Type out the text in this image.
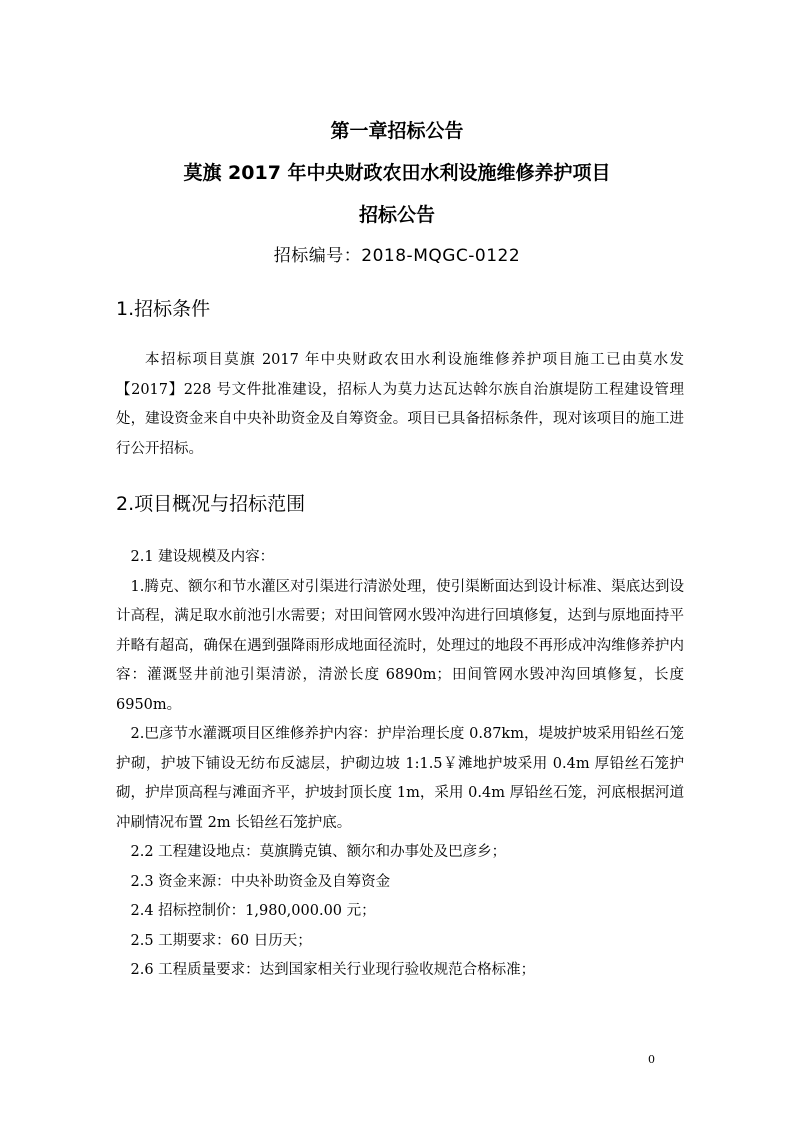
第一章招标公告
莫旗 2017 年中央财政农田水利设施维修养护项目
招标公告
招标编号：2018-MQGC-0122
1.招标条件
本招标项目莫旗 2017 年中央财政农田水利设施维修养护项目施工已由莫水发【2017】228 号文件批准建设，招标人为莫力达瓦达斡尔族自治旗堤防工程建设管理处，建设资金来自中央补助资金及自筹资金。项目已具备招标条件，现对该项目的施工进行公开招标。
2.项目概况与招标范围
2.1 建设规模及内容：
1.腾克、额尔和节水灌区对引渠进行清淤处理，使引渠断面达到设计标准、渠底达到设计高程，满足取水前池引水需要；对田间管网水毁冲沟进行回填修复，达到与原地面持平并略有超高，确保在遇到强降雨形成地面径流时，处理过的地段不再形成冲沟维修养护内容：灌溉竖井前池引渠清淤，清淤长度 6890m；田间管网水毁冲沟回填修复，长度 6950m。
2.巴彦节水灌溉项目区维修养护内容：护岸治理长度 0.87km，堤坡护坡采用铅丝石笼护砌，护坡下铺设无纺布反滤层，护砌边坡 1:1.5￥滩地护坡采用 0.4m 厚铅丝石笼护砌，护岸顶高程与滩面齐平，护坡封顶长度 1m，采用 0.4m 厚铅丝石笼，河底根据河道冲刷情况布置 2m 长铅丝石笼护底。
2.2 工程建设地点：莫旗腾克镇、额尔和办事处及巴彦乡；
2.3 资金来源：中央补助资金及自筹资金
2.4 招标控制价：1,980,000.00 元；
2.5 工期要求：60 日历天；
2.6 工程质量要求：达到国家相关行业现行验收规范合格标准；
0
